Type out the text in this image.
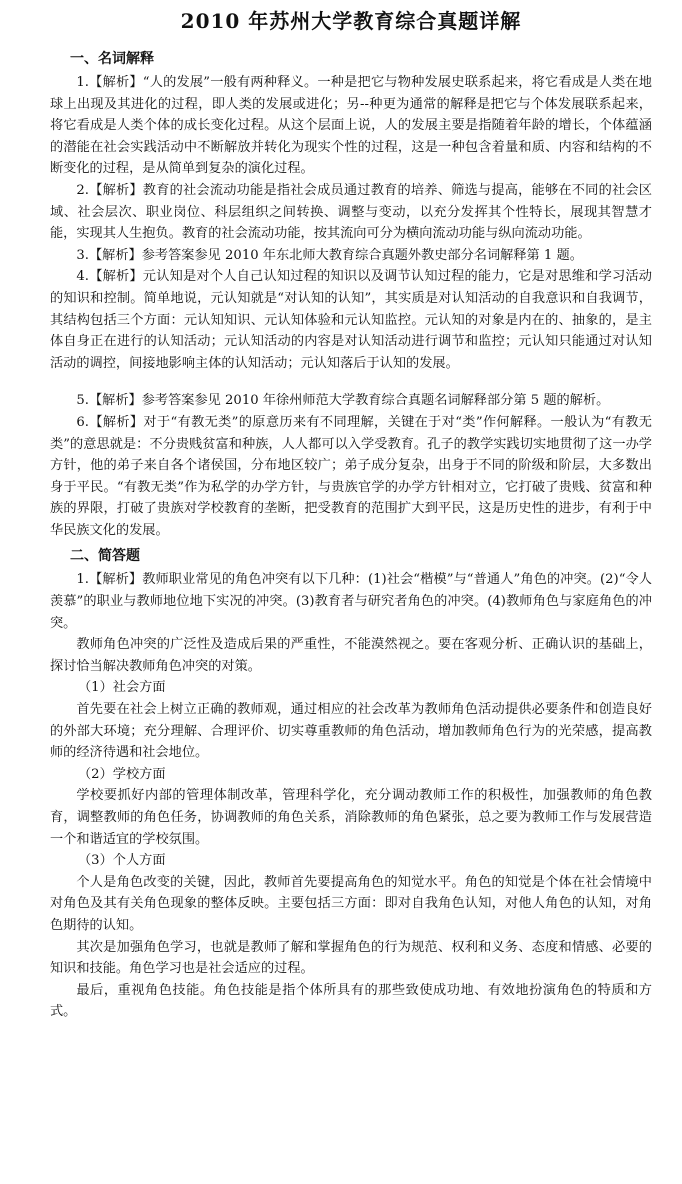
2010 年苏州大学教育综合真题详解
一、名词解释

1.【解析】“人的发展”一般有两种释义。一种是把它与物种发展史联系起来，将它看成是人类在地球上出现及其进化的过程，即人类的发展或进化；另--种更为通常的解释是把它与个体发展联系起来，将它看成是人类个体的成长变化过程。从这个层面上说，人的发展主要是指随着年龄的增长，个体蕴涵的潜能在社会实践活动中不断解放并转化为现实个性的过程，这是一种包含着量和质、内容和结构的不断变化的过程，是从简单到复杂的演化过程。

2.【解析】教育的社会流动功能是指社会成员通过教育的培养、筛选与提高，能够在不同的社会区域、社会层次、职业岗位、科层组织之间转换、调整与变动，以充分发挥其个性特长，展现其智慧才能，实现其人生抱负。教育的社会流动功能，按其流向可分为横向流动功能与纵向流动功能。

3.【解析】参考答案参见 2010 年东北师大教育综合真题外教史部分名词解释第 1 题。

4.【解析】元认知是对个人自己认知过程的知识以及调节认知过程的能力，它是对思维和学习活动的知识和控制。简单地说，元认知就是“对认知的认知”，其实质是对认知活动的自我意识和自我调节，其结构包括三个方面：元认知知识、元认知体验和元认知监控。元认知的对象是内在的、抽象的，是主体自身正在进行的认知活动；元认知活动的内容是对认知活动进行调节和监控；元认知只能通过对认知活动的调控，间接地影响主体的认知活动；元认知落后于认知的发展。

5.【解析】参考答案参见 2010 年徐州师范大学教育综合真题名词解释部分第 5 题的解析。

6.【解析】对于“有教无类”的原意历来有不同理解，关键在于对“类”作何解释。一般认为“有教无类”的意思就是：不分贵贱贫富和种族，人人都可以入学受教育。孔子的教学实践切实地贯彻了这一办学方针，他的弟子来自各个诸侯国，分布地区较广；弟子成分复杂，出身于不同的阶级和阶层，大多数出身于平民。“有教无类”作为私学的办学方针，与贵族官学的办学方针相对立，它打破了贵贱、贫富和种族的界限，打破了贵族对学校教育的垄断，把受教育的范围扩大到平民，这是历史性的进步，有利于中华民族文化的发展。

二、简答题

1.【解析】教师职业常见的角色冲突有以下几种：(1)社会“楷模”与“普通人”角色的冲突。(2)“令人羡慕”的职业与教师地位地下实况的冲突。(3)教育者与研究者角色的冲突。(4)教师角色与家庭角色的冲突。

教师角色冲突的广泛性及造成后果的严重性，不能漠然视之。要在客观分析、正确认识的基础上，探讨恰当解决教师角色冲突的对策。

（1）社会方面

首先要在社会上树立正确的教师观，通过相应的社会改革为教师角色活动提供必要条件和创造良好的外部大环境；充分理解、合理评价、切实尊重教师的角色活动，增加教师角色行为的光荣感，提高教师的经济待遇和社会地位。

（2）学校方面

学校要抓好内部的管理体制改革，管理科学化，充分调动教师工作的积极性，加强教师的角色教育，调整教师的角色任务，协调教师的角色关系，消除教师的角色紧张，总之要为教师工作与发展营造一个和谐适宜的学校氛围。

（3）个人方面

个人是角色改变的关键，因此，教师首先要提高角色的知觉水平。角色的知觉是个体在社会情境中对角色及其有关角色现象的整体反映。主要包括三方面：即对自我角色认知，对他人角色的认知，对角色期待的认知。

其次是加强角色学习，也就是教师了解和掌握角色的行为规范、权利和义务、态度和情感、必要的知识和技能。角色学习也是社会适应的过程。

最后，重视角色技能。角色技能是指个体所具有的那些致使成功地、有效地扮演角色的特质和方式。
